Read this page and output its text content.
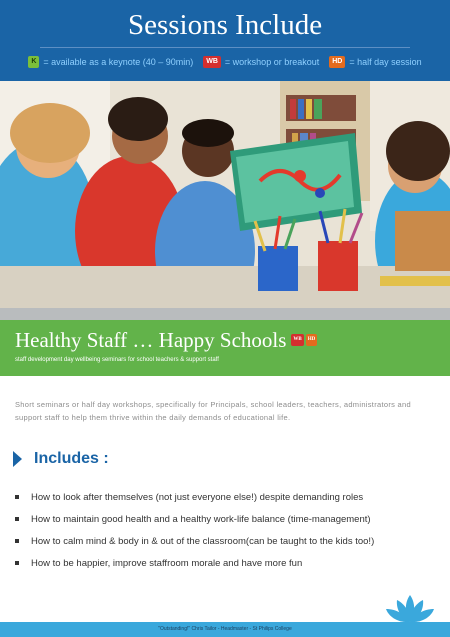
Sessions Include
K = available as a keynote (40 – 90min)	WB = workshop or breakout	HD = half day session
Healthy Staff … Happy Schools	WB	HD
staff development day wellbeing seminars for school teachers & support staff
Short seminars or half day workshops, specifically for Principals, school leaders, teachers, administrators and support staff to help them thrive within the daily demands of educational life.
Includes :
How to look after themselves (not just everyone else!) despite demanding roles
How to maintain good health and a healthy work-life balance (time-management)
How to calm mind & body in & out of the classroom(can be taught to the kids too!)
How to be happier, improve staffroom morale and have more fun
"Outstanding!" Chris Tailor - Headmaster - St Philips College
